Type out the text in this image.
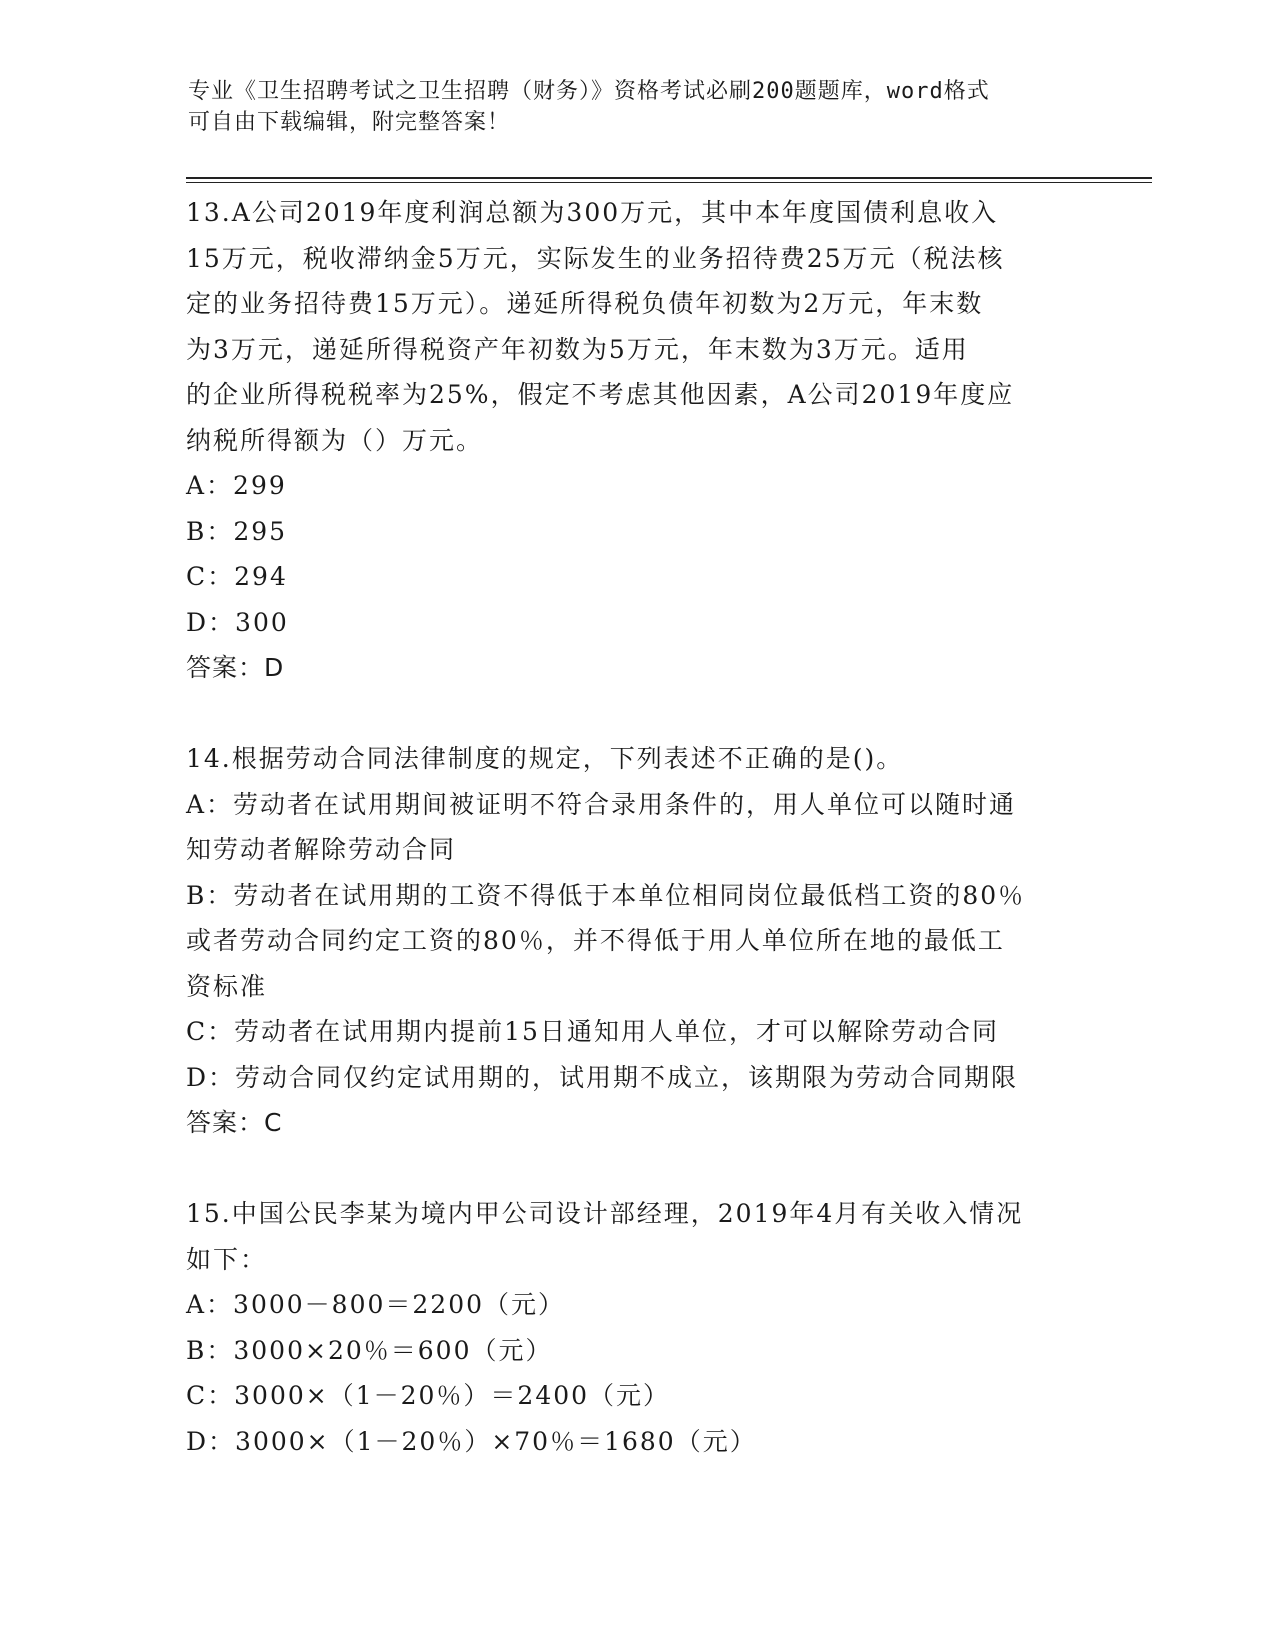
专业《卫生招聘考试之卫生招聘（财务）》资格考试必刷200题题库，word格式
可自由下载编辑，附完整答案！
13.A公司2019年度利润总额为300万元，其中本年度国债利息收入
15万元，税收滞纳金5万元，实际发生的业务招待费25万元（税法核
定的业务招待费15万元）。递延所得税负债年初数为2万元，年末数
为3万元，递延所得税资产年初数为5万元，年末数为3万元。适用
的企业所得税税率为25%，假定不考虑其他因素，A公司2019年度应
纳税所得额为（）万元。
A：299
B：295
C：294
D：300
答案：D
14.根据劳动合同法律制度的规定，下列表述不正确的是()。
A：劳动者在试用期间被证明不符合录用条件的，用人单位可以随时通
知劳动者解除劳动合同
B：劳动者在试用期的工资不得低于本单位相同岗位最低档工资的80％
或者劳动合同约定工资的80％，并不得低于用人单位所在地的最低工
资标准
C：劳动者在试用期内提前15日通知用人单位，才可以解除劳动合同
D：劳动合同仅约定试用期的，试用期不成立，该期限为劳动合同期限
答案：C
15.中国公民李某为境内甲公司设计部经理，2019年4月有关收入情况
如下：
A：3000－800＝2200（元）
B：3000×20％＝600（元）
C：3000×（1－20％）＝2400（元）
D：3000×（1－20％）×70％＝1680（元）
